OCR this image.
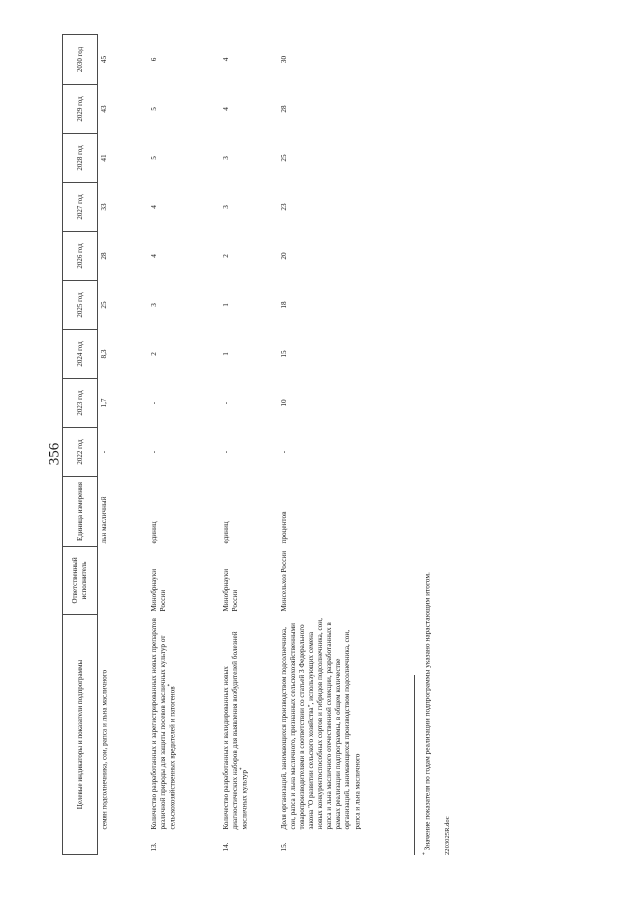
356
Целевые индикаторы и показатели подпрограммы		Ответственный исполнитель	Единица измерения	2022 год	2023 год	2024 год	2025 год	2026 год	2027 год	2028 год	2029 год	2030 год
	семян подсолнечника, сои, рапса и льна масличного		льн масличный	-	1,7	8,3	25	28	33	41	43	45
13.	Количество разработанных и зарегистрированных новых препаратов различной природы для защиты посевов масличных культур от сельскохозяйственных вредителей и патогенов*	Минобрнауки России	единиц	-	-	2	3	4	4	5	5	6
14.	Количество разработанных и валидированных новых диагностических наборов для выявления возбудителей болезней масличных культур*	Минобрнауки России	единиц	-	-	1	1	2	3	3	4	4
15.	Доля организаций, занимающихся производством подсолнечника, сои, рапса и льна масличного, признанных сельскохозяйственными товаропроизводителями в соответствии со статьей 3 Федерального закона "О развитии сельского хозяйства", использующих семена новых конкурентоспособных сортов и гибридов подсолнечника, сои, рапса и льна масличного отечественной селекции, разработанных в рамках реализации подпрограммы, в общем количестве организаций, занимающихся производством подсолнечника, сои, рапса и льна масличного	Минсельхоз России	процентов	-	10	15	18	20	23	25	28	30
* Значение показателя по годам реализации подпрограммы указано нарастающим итогом. 2203025R.doc
